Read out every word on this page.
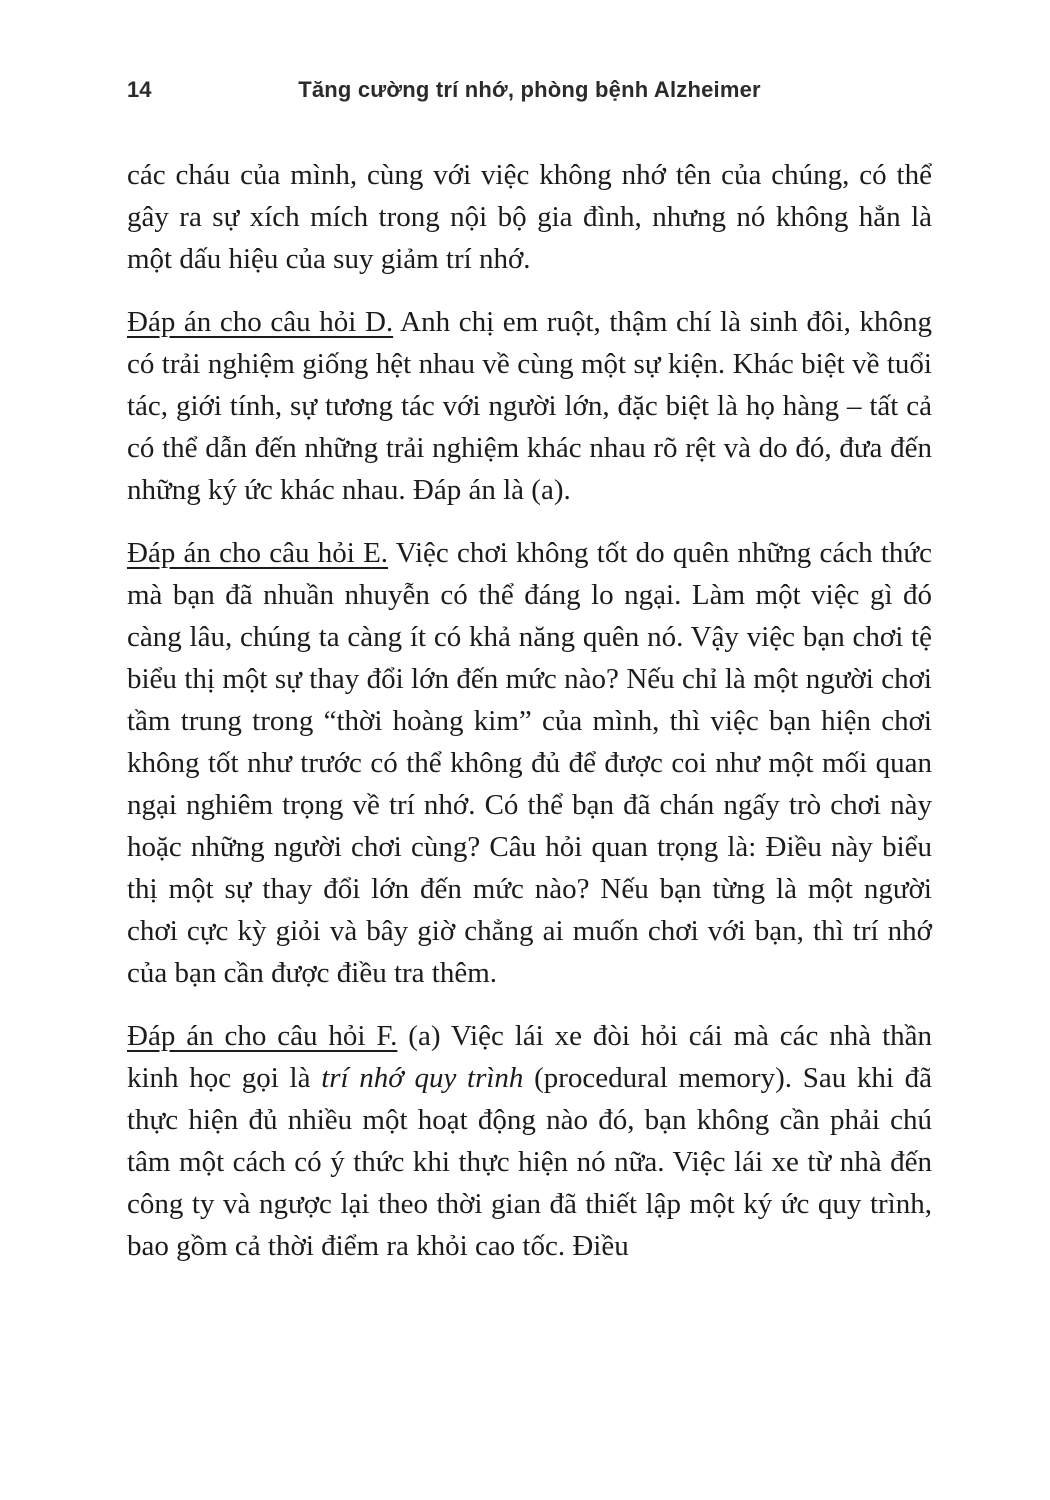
14	Tăng cường trí nhớ, phòng bệnh Alzheimer

các cháu của mình, cùng với việc không nhớ tên của chúng, có thể gây ra sự xích mích trong nội bộ gia đình, nhưng nó không hẳn là một dấu hiệu của suy giảm trí nhớ.

Đáp án cho câu hỏi D. Anh chị em ruột, thậm chí là sinh đôi, không có trải nghiệm giống hệt nhau về cùng một sự kiện. Khác biệt về tuổi tác, giới tính, sự tương tác với người lớn, đặc biệt là họ hàng – tất cả có thể dẫn đến những trải nghiệm khác nhau rõ rệt và do đó, đưa đến những ký ức khác nhau. Đáp án là (a).

Đáp án cho câu hỏi E. Việc chơi không tốt do quên những cách thức mà bạn đã nhuần nhuyễn có thể đáng lo ngại. Làm một việc gì đó càng lâu, chúng ta càng ít có khả năng quên nó. Vậy việc bạn chơi tệ biểu thị một sự thay đổi lớn đến mức nào? Nếu chỉ là một người chơi tầm trung trong “thời hoàng kim” của mình, thì việc bạn hiện chơi không tốt như trước có thể không đủ để được coi như một mối quan ngại nghiêm trọng về trí nhớ. Có thể bạn đã chán ngấy trò chơi này hoặc những người chơi cùng? Câu hỏi quan trọng là: Điều này biểu thị một sự thay đổi lớn đến mức nào? Nếu bạn từng là một người chơi cực kỳ giỏi và bây giờ chẳng ai muốn chơi với bạn, thì trí nhớ của bạn cần được điều tra thêm.

Đáp án cho câu hỏi F. (a) Việc lái xe đòi hỏi cái mà các nhà thần kinh học gọi là trí nhớ quy trình (procedural memory). Sau khi đã thực hiện đủ nhiều một hoạt động nào đó, bạn không cần phải chú tâm một cách có ý thức khi thực hiện nó nữa. Việc lái xe từ nhà đến công ty và ngược lại theo thời gian đã thiết lập một ký ức quy trình, bao gồm cả thời điểm ra khỏi cao tốc. Điều
